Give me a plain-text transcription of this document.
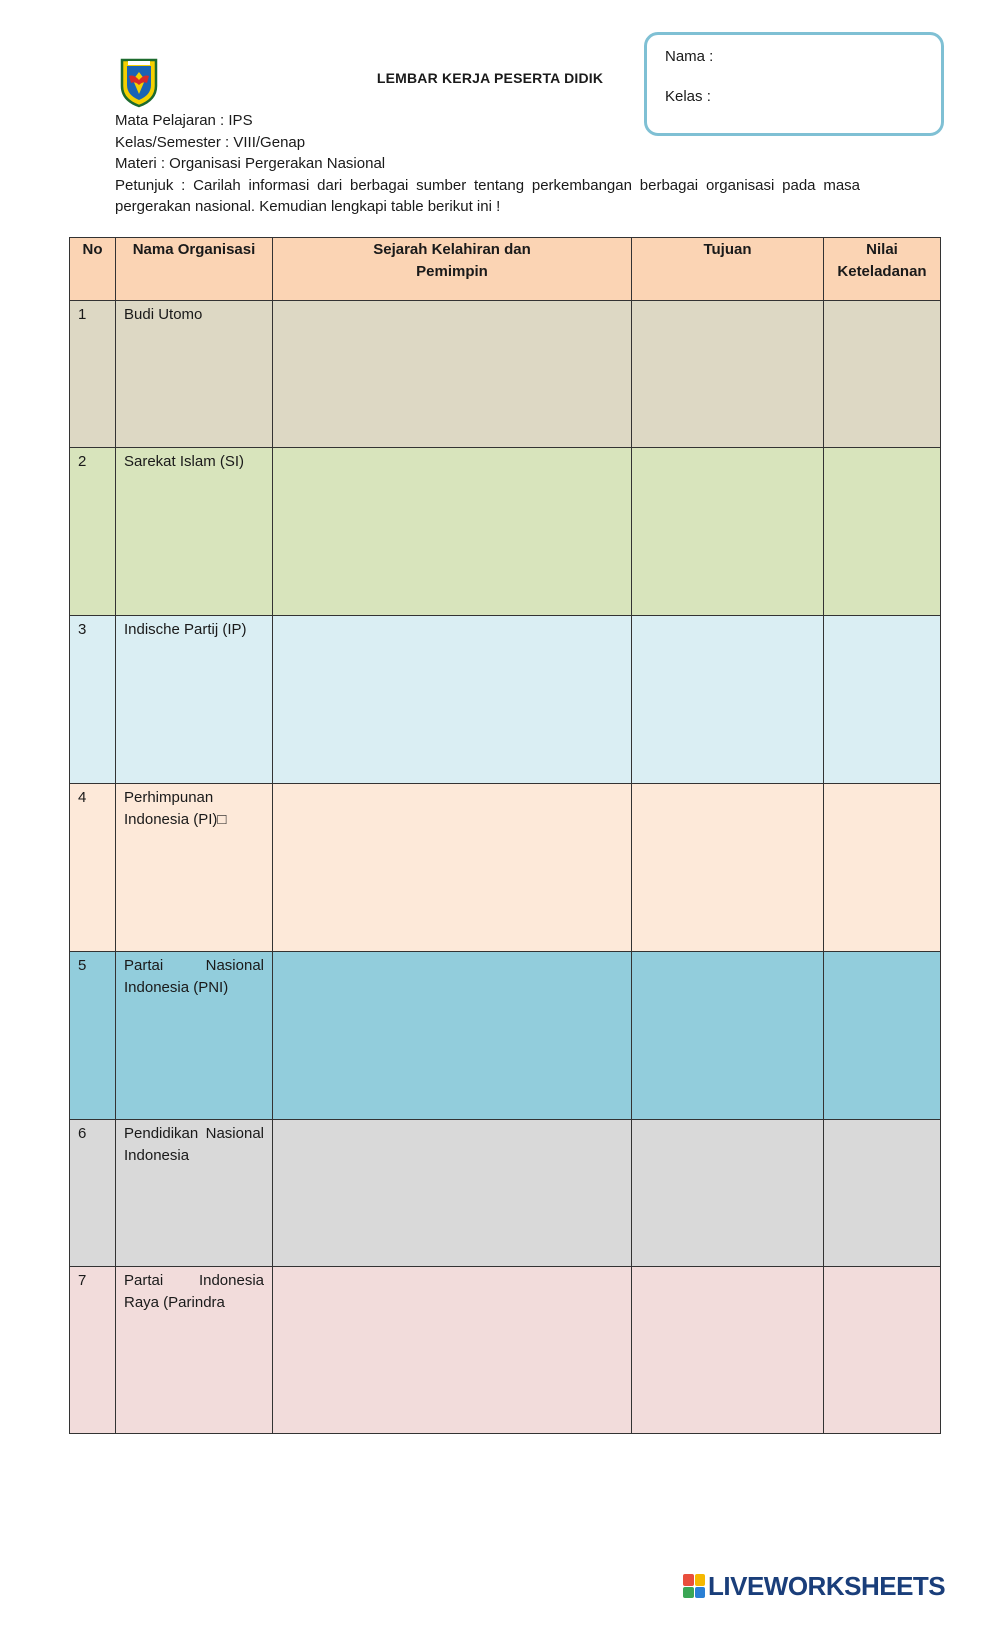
LEMBAR KERJA PESERTA DIDIK
Nama :
Kelas :
Mata Pelajaran : IPS
Kelas/Semester : VIII/Genap
Materi : Organisasi Pergerakan Nasional
Petunjuk : Carilah informasi dari berbagai sumber tentang perkembangan berbagai organisasi pada masa pergerakan nasional. Kemudian lengkapi table berikut ini !
No	Nama Organisasi	Sejarah Kelahiran dan Pemimpin	Tujuan	Nilai Keteladanan

1	Budi Utomo			
2	Sarekat Islam (SI)			
3	Indische Partij (IP)			
4	Perhimpunan Indonesia (PI)□			
5	Partai Nasional Indonesia (PNI)			
6	Pendidikan Nasional Indonesia			
7	Partai Indonesia Raya (Parindra			
LIVEWORKSHEETS
